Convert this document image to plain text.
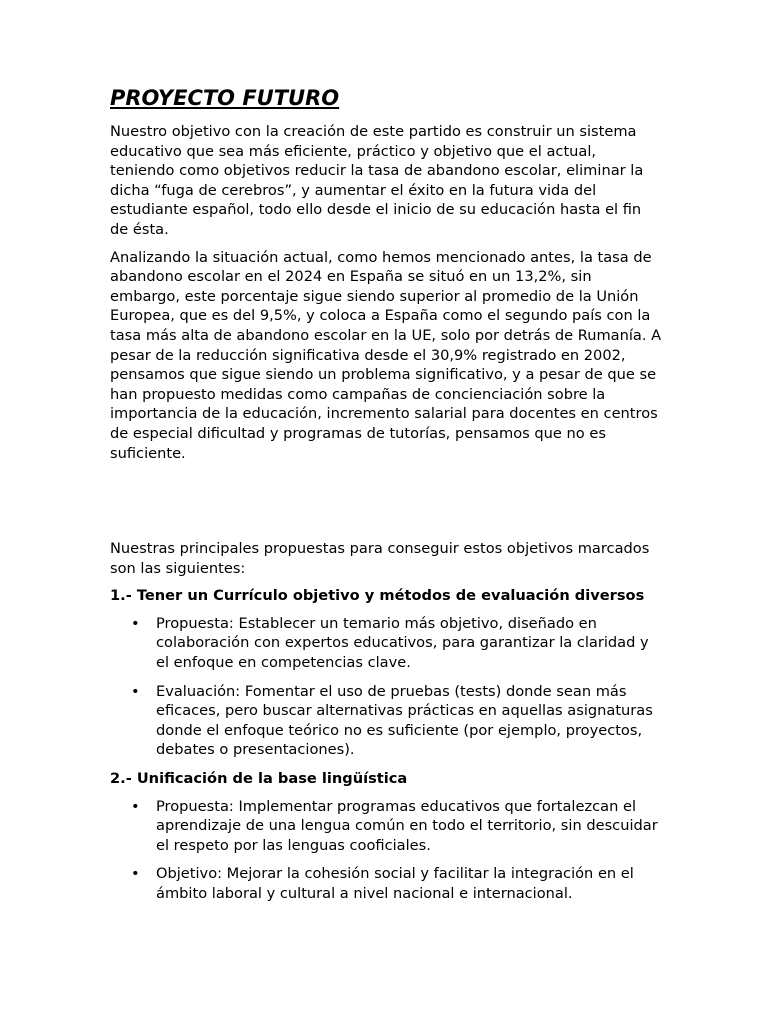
PROYECTO FUTURO

Nuestro objetivo con la creación de este partido es construir un sistema educativo que sea más eficiente, práctico y objetivo que el actual, teniendo como objetivos reducir la tasa de abandono escolar, eliminar la dicha “fuga de cerebros”, y aumentar el éxito en la futura vida del estudiante español, todo ello desde el inicio de su educación hasta el fin de ésta.

Analizando la situación actual, como hemos mencionado antes, la tasa de abandono escolar en el 2024 en España se situó en un 13,2%, sin embargo, este porcentaje sigue siendo superior al promedio de la Unión Europea, que es del 9,5%, y coloca a España como el segundo país con la tasa más alta de abandono escolar en la UE, solo por detrás de Rumanía. A pesar de la reducción significativa desde el 30,9% registrado en 2002, pensamos que sigue siendo un problema significativo, y a pesar de que se han propuesto medidas como campañas de concienciación sobre la importancia de la educación, incremento salarial para docentes en centros de especial dificultad y programas de tutorías, pensamos que no es suficiente.

Nuestras principales propuestas para conseguir estos objetivos marcados son las siguientes:

1.- Tener un Currículo objetivo y métodos de evaluación diversos
• Propuesta: Establecer un temario más objetivo, diseñado en colaboración con expertos educativos, para garantizar la claridad y el enfoque en competencias clave.
• Evaluación: Fomentar el uso de pruebas (tests) donde sean más eficaces, pero buscar alternativas prácticas en aquellas asignaturas donde el enfoque teórico no es suficiente (por ejemplo, proyectos, debates o presentaciones).
2.- Unificación de la base lingüística
• Propuesta: Implementar programas educativos que fortalezcan el aprendizaje de una lengua común en todo el territorio, sin descuidar el respeto por las lenguas cooficiales.
• Objetivo: Mejorar la cohesión social y facilitar la integración en el ámbito laboral y cultural a nivel nacional e internacional.
